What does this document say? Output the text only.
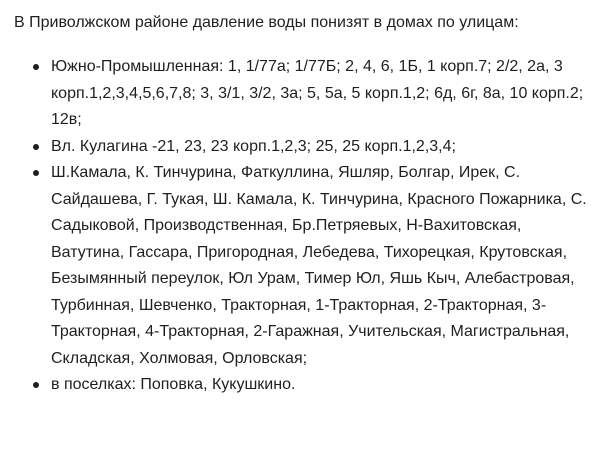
В Приволжском районе давление воды понизят в домах по улицам:

Южно-Промышленная: 1, 1/77а; 1/77Б; 2, 4, 6, 1Б, 1 корп.7; 2/2, 2а, 3 корп.1,2,3,4,5,6,7,8; 3, 3/1, 3/2, 3а; 5, 5а, 5 корп.1,2; 6д, 6г, 8а, 10 корп.2; 12в;
Вл. Кулагина -21, 23, 23 корп.1,2,3; 25, 25 корп.1,2,3,4;
Ш.Камала, К. Тинчурина, Фаткуллина, Яшляр, Болгар, Ирек, С. Сайдашева, Г. Тукая, Ш. Камала, К. Тинчурина, Красного Пожарника, С. Садыковой, Производственная, Бр.Петряевых, Н-Вахитовская, Ватутина, Гассара, Пригородная, Лебедева, Тихорецкая, Крутовская, Безымянный переулок, Юл Урам, Тимер Юл, Яшь Кыч, Алебастровая, Турбинная, Шевченко, Тракторная, 1-Тракторная, 2-Тракторная, 3- Тракторная, 4-Тракторная, 2-Гаражная, Учительская, Магистральная, Складская, Холмовая, Орловская;
в поселках: Поповка, Кукушкино.
